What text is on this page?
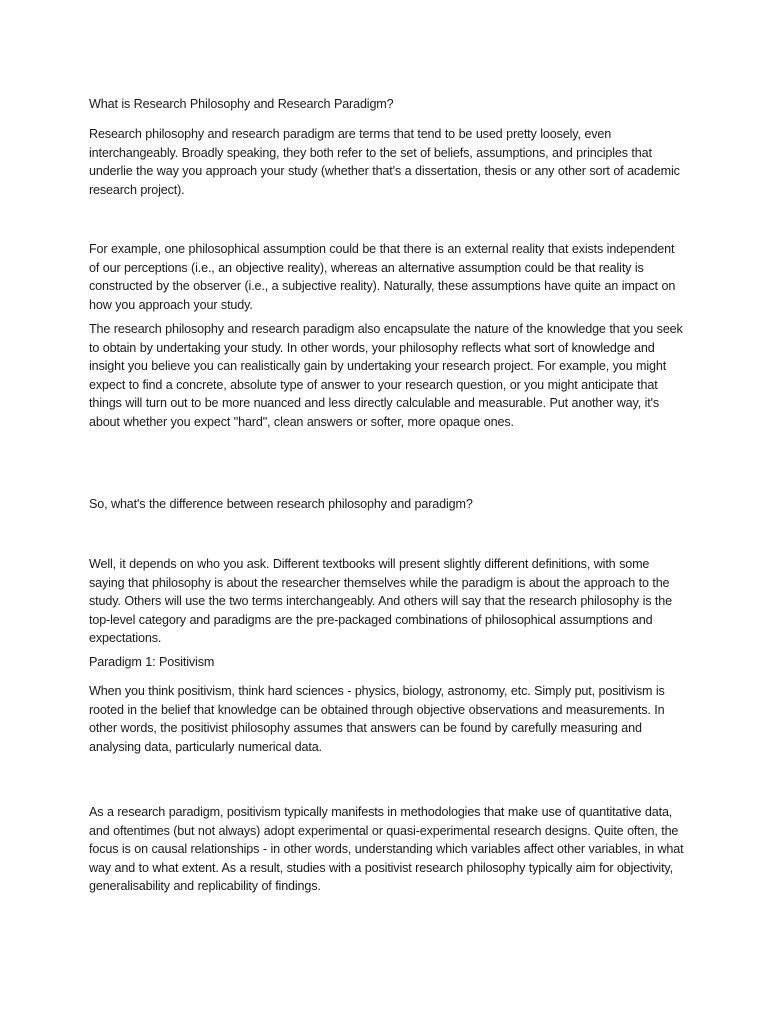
What is Research Philosophy and Research Paradigm?

Research philosophy and research paradigm are terms that tend to be used pretty loosely, even interchangeably. Broadly speaking, they both refer to the set of beliefs, assumptions, and principles that underlie the way you approach your study (whether that's a dissertation, thesis or any other sort of academic research project).

For example, one philosophical assumption could be that there is an external reality that exists independent of our perceptions (i.e., an objective reality), whereas an alternative assumption could be that reality is constructed by the observer (i.e., a subjective reality). Naturally, these assumptions have quite an impact on how you approach your study.

The research philosophy and research paradigm also encapsulate the nature of the knowledge that you seek to obtain by undertaking your study. In other words, your philosophy reflects what sort of knowledge and insight you believe you can realistically gain by undertaking your research project. For example, you might expect to find a concrete, absolute type of answer to your research question, or you might anticipate that things will turn out to be more nuanced and less directly calculable and measurable. Put another way, it's about whether you expect "hard", clean answers or softer, more opaque ones.

So, what's the difference between research philosophy and paradigm?

Well, it depends on who you ask. Different textbooks will present slightly different definitions, with some saying that philosophy is about the researcher themselves while the paradigm is about the approach to the study. Others will use the two terms interchangeably. And others will say that the research philosophy is the top-level category and paradigms are the pre-packaged combinations of philosophical assumptions and expectations.

Paradigm 1: Positivism

When you think positivism, think hard sciences - physics, biology, astronomy, etc. Simply put, positivism is rooted in the belief that knowledge can be obtained through objective observations and measurements. In other words, the positivist philosophy assumes that answers can be found by carefully measuring and analysing data, particularly numerical data.

As a research paradigm, positivism typically manifests in methodologies that make use of quantitative data, and oftentimes (but not always) adopt experimental or quasi-experimental research designs. Quite often, the focus is on causal relationships - in other words, understanding which variables affect other variables, in what way and to what extent. As a result, studies with a positivist research philosophy typically aim for objectivity, generalisability and replicability of findings.
